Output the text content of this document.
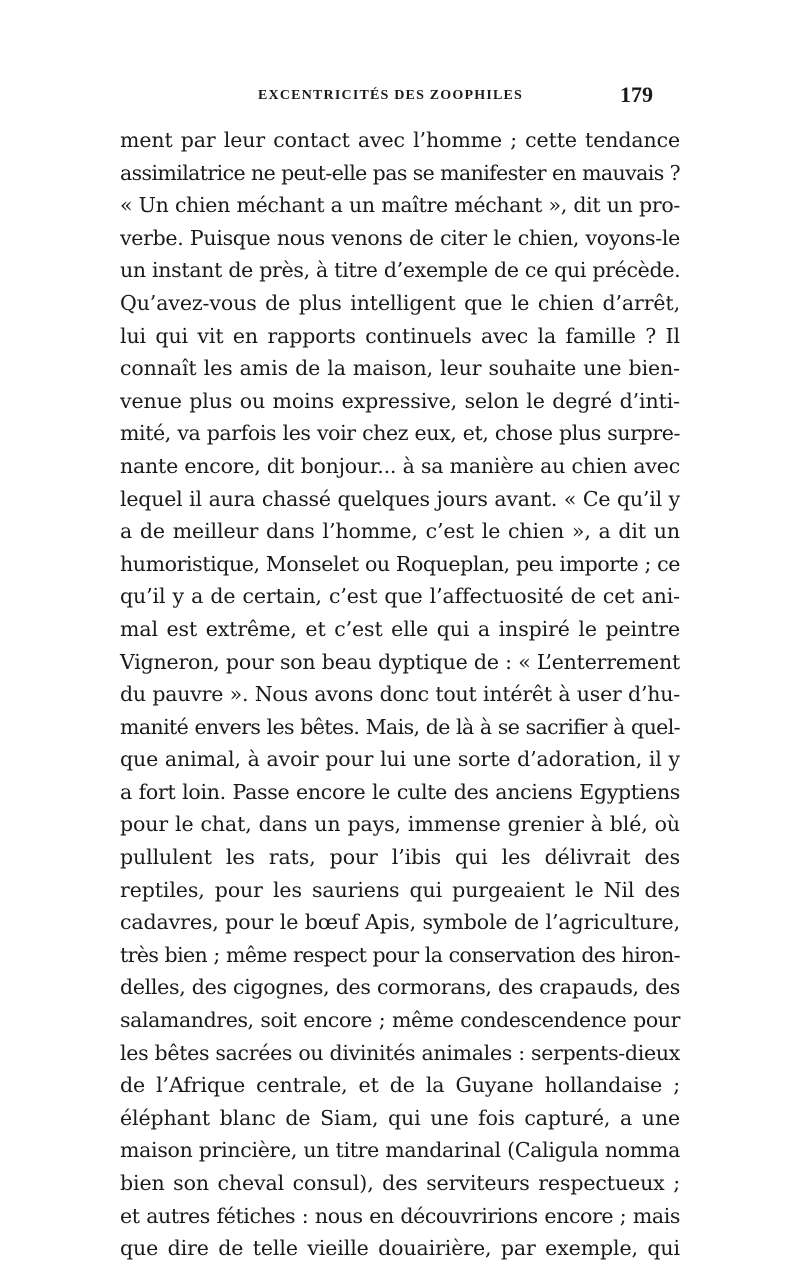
EXCENTRICITÉS DES ZOOPHILES	179
ment par leur contact avec l’homme ; cette tendance
assimilatrice ne peut-elle pas se manifester en mauvais ?
« Un chien méchant a un maître méchant », dit un pro-
verbe. Puisque nous venons de citer le chien, voyons-le
un instant de près, à titre d’exemple de ce qui précède.
Qu’avez-vous de plus intelligent que le chien d’arrêt,
lui qui vit en rapports continuels avec la famille ? Il
connaît les amis de la maison, leur souhaite une bien-
venue plus ou moins expressive, selon le degré d’inti-
mité, va parfois les voir chez eux, et, chose plus surpre-
nante encore, dit bonjour... à sa manière au chien avec
lequel il aura chassé quelques jours avant. « Ce qu’il y
a de meilleur dans l’homme, c’est le chien », a dit un
humoristique, Monselet ou Roqueplan, peu importe ; ce
qu’il y a de certain, c’est que l’affectuosité de cet ani-
mal est extrême, et c’est elle qui a inspiré le peintre
Vigneron, pour son beau dyptique de : « L’enterrement
du pauvre ». Nous avons donc tout intérêt à user d’hu-
manité envers les bêtes. Mais, de là à se sacrifier à quel-
que animal, à avoir pour lui une sorte d’adoration, il y
a fort loin. Passe encore le culte des anciens Egyptiens
pour le chat, dans un pays, immense grenier à blé, où
pullulent les rats, pour l’ibis qui les délivrait des
reptiles, pour les sauriens qui purgeaient le Nil des
cadavres, pour le bœuf Apis, symbole de l’agriculture,
très bien ; même respect pour la conservation des hiron-
delles, des cigognes, des cormorans, des crapauds, des
salamandres, soit encore ; même condescendence pour
les bêtes sacrées ou divinités animales : serpents-dieux
de l’Afrique centrale, et de la Guyane hollandaise ;
éléphant blanc de Siam, qui une fois capturé, a une
maison princière, un titre mandarinal (Caligula nomma
bien son cheval consul), des serviteurs respectueux ;
et autres fétiches : nous en découvririons encore ; mais
que dire de telle vieille douairière, par exemple, qui
